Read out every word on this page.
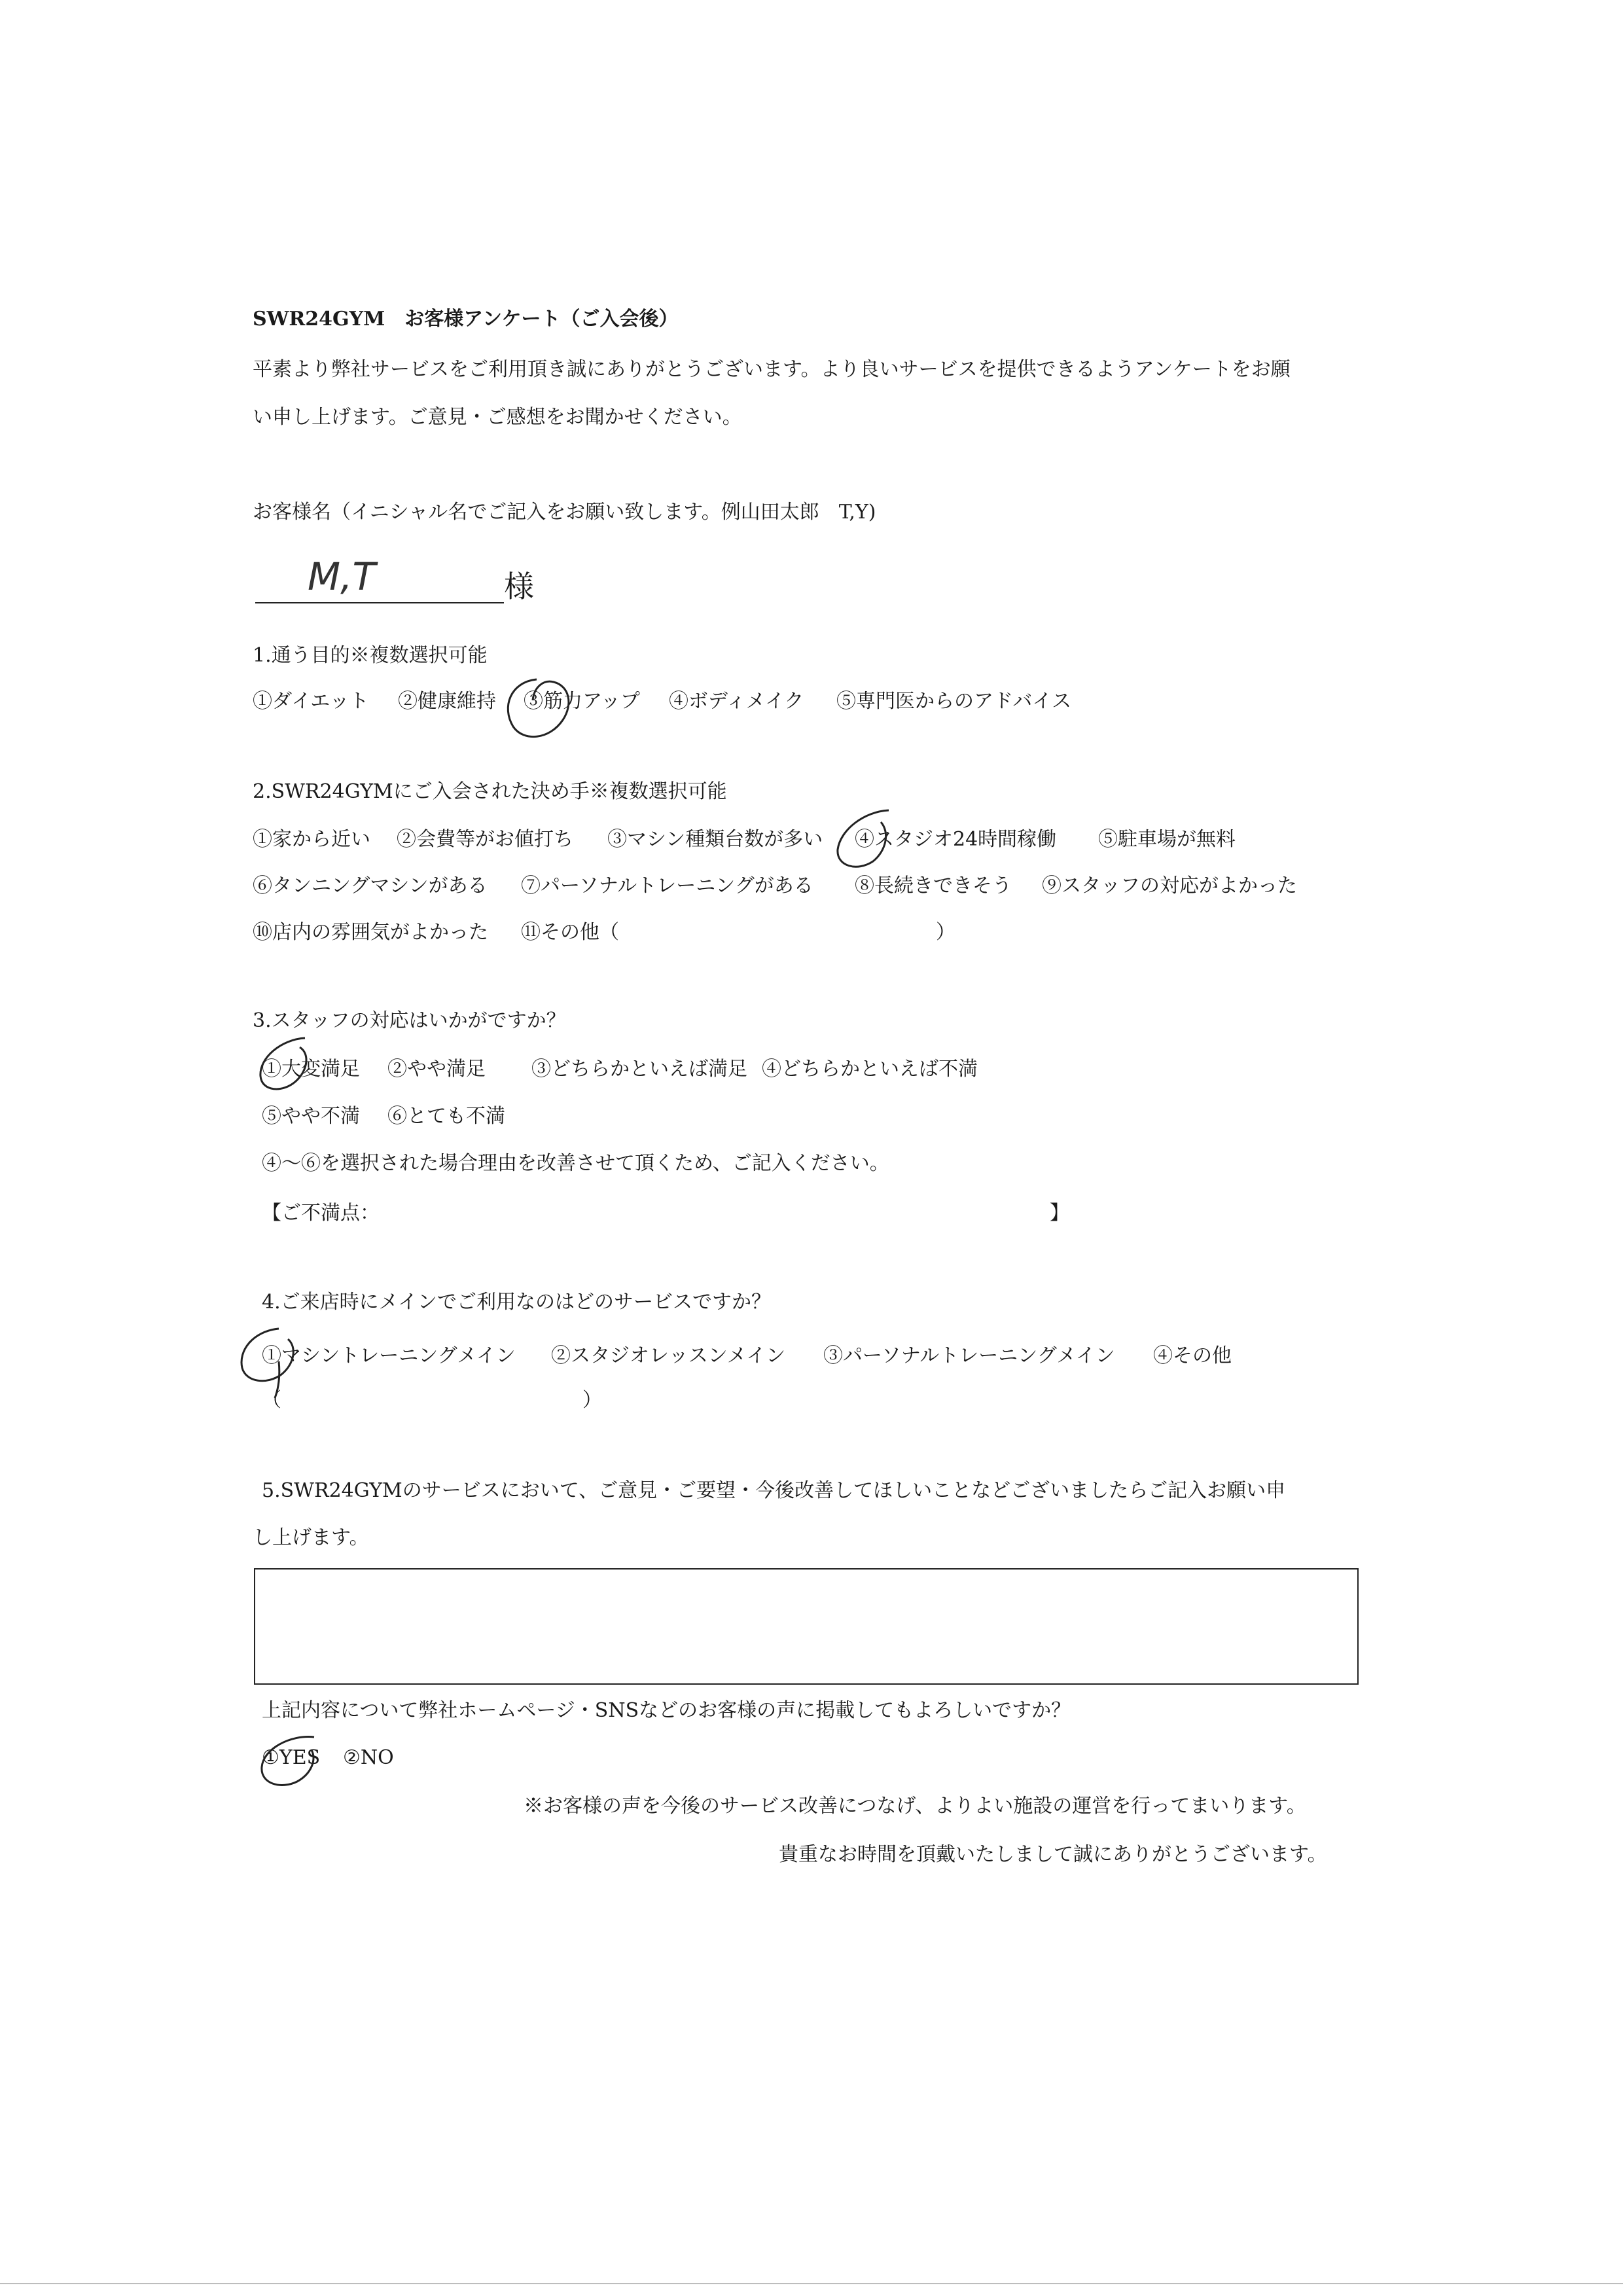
SWR24GYM　お客様アンケート（ご入会後）
平素より弊社サービスをご利用頂き誠にありがとうございます。より良いサービスを提供できるようアンケートをお願
い申し上げます。ご意見・ご感想をお聞かせください。
お客様名（イニシャル名でご記入をお願い致します。例山田太郎　T,Y)
M,T	様
1.通う目的※複数選択可能
①ダイエット ②健康維持 ③筋力アップ ④ボディメイク ⑤専門医からのアドバイス
2.SWR24GYMにご入会された決め手※複数選択可能
①家から近い ②会費等がお値打ち ③マシン種類台数が多い ④スタジオ24時間稼働 ⑤駐車場が無料
⑥タンニングマシンがある ⑦パーソナルトレーニングがある ⑧長続きできそう ⑨スタッフの対応がよかった
⑩店内の雰囲気がよかった ⑪その他（	）
3.スタッフの対応はいかがですか？
①大変満足 ②やや満足 ③どちらかといえば満足 ④どちらかといえば不満
⑤やや不満 ⑥とても不満
④〜⑥を選択された場合理由を改善させて頂くため、ご記入ください。
【ご不満点：	】
4.ご来店時にメインでご利用なのはどのサービスですか？
①マシントレーニングメイン ②スタジオレッスンメイン ③パーソナルトレーニングメイン ④その他
（	）
5.SWR24GYMのサービスにおいて、ご意見・ご要望・今後改善してほしいことなどございましたらご記入お願い申
し上げます。
上記内容について弊社ホームページ・SNSなどのお客様の声に掲載してもよろしいですか？
①YES ②NO
※お客様の声を今後のサービス改善につなげ、よりよい施設の運営を行ってまいります。
貴重なお時間を頂戴いたしまして誠にありがとうございます。
